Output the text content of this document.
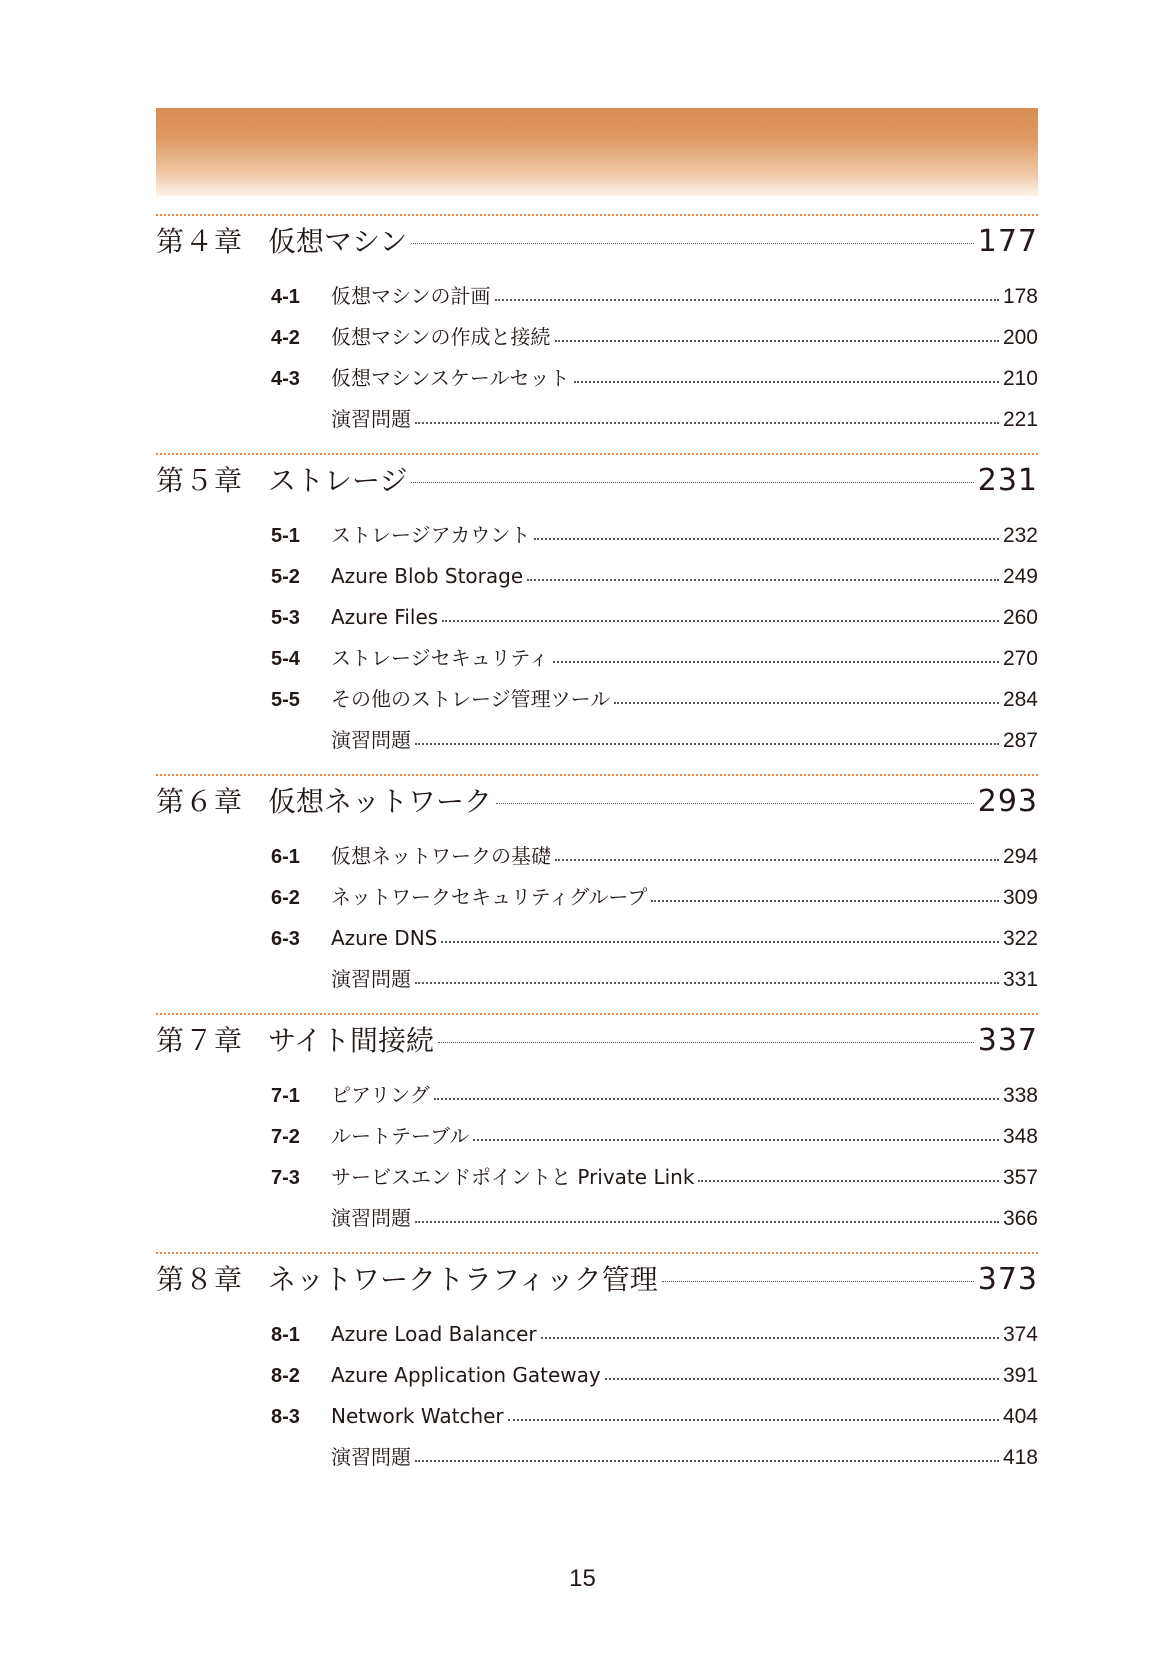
第４章 仮想マシン	177
4-1	仮想マシンの計画	178
4-2	仮想マシンの作成と接続	200
4-3	仮想マシンスケールセット	210
演習問題	221
第５章 ストレージ	231
5-1	ストレージアカウント	232
5-2	Azure Blob Storage	249
5-3	Azure Files	260
5-4	ストレージセキュリティ	270
5-5	その他のストレージ管理ツール	284
演習問題	287
第６章 仮想ネットワーク	293
6-1	仮想ネットワークの基礎	294
6-2	ネットワークセキュリティグループ	309
6-3	Azure DNS	322
演習問題	331
第７章 サイト間接続	337
7-1	ピアリング	338
7-2	ルートテーブル	348
7-3	サービスエンドポイントと Private Link	357
演習問題	366
第８章 ネットワークトラフィック管理	373
8-1	Azure Load Balancer	374
8-2	Azure Application Gateway	391
8-3	Network Watcher	404
演習問題	418
15
